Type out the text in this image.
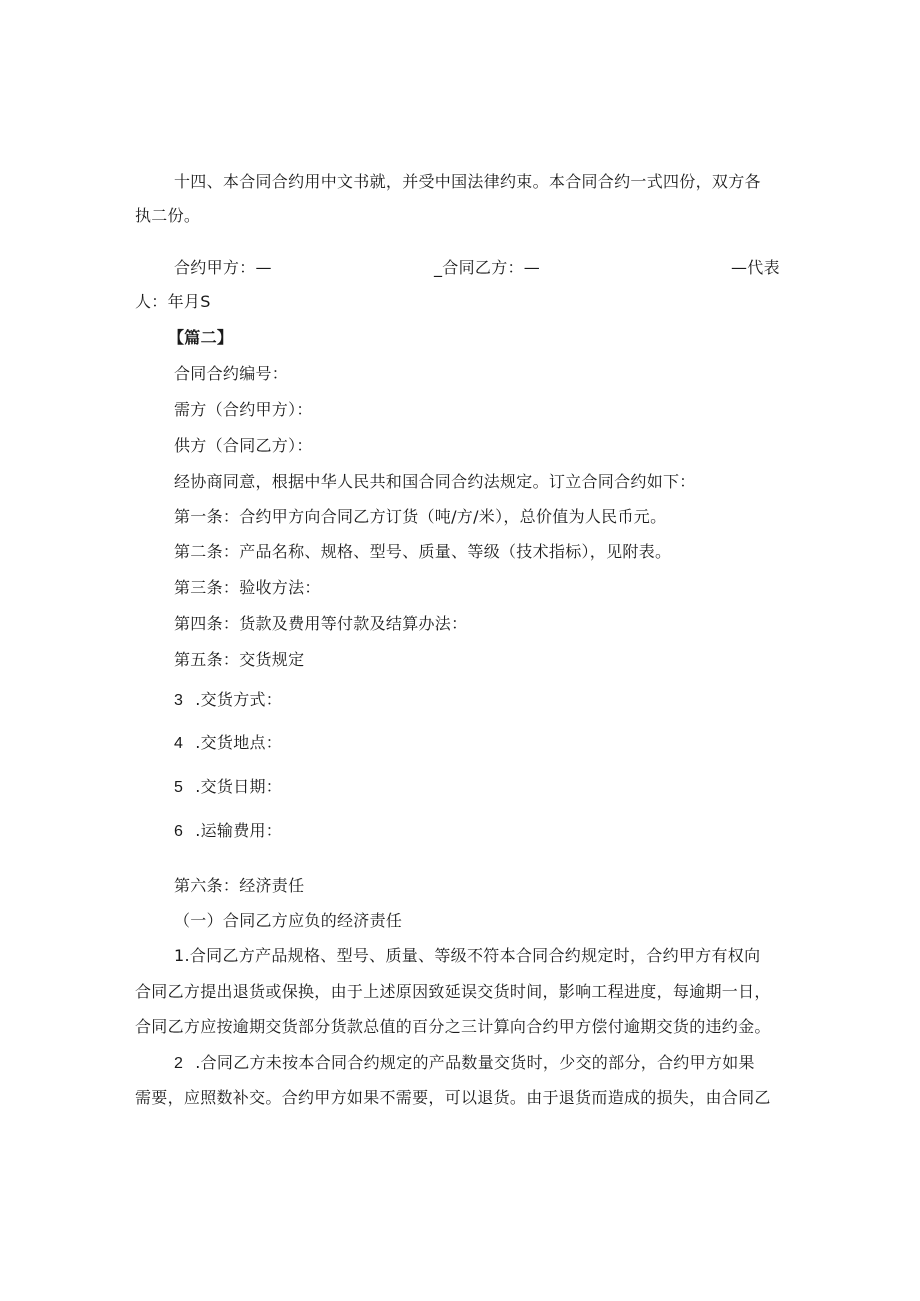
十四、本合同合约用中文书就，并受中国法律约束。本合同合约一式四份，双方各
执二份。
合约甲方：—	_合同乙方：—	—代表
人：年月S
【篇二】
合同合约编号：
需方（合约甲方）：
供方（合同乙方）：
经协商同意，根据中华人民共和国合同合约法规定。订立合同合约如下：
第一条：合约甲方向合同乙方订货（吨/方/米），总价值为人民币元。
第二条：产品名称、规格、型号、质量、等级（技术指标），见附表。
第三条：验收方法：
第四条：货款及费用等付款及结算办法：
第五条：交货规定
3 .交货方式：
4 .交货地点：
5 .交货日期：
6 .运输费用：
第六条：经济责任
（一）合同乙方应负的经济责任
1.合同乙方产品规格、型号、质量、等级不符本合同合约规定时，合约甲方有权向
合同乙方提出退货或保换，由于上述原因致延误交货时间，影响工程进度，每逾期一日，
合同乙方应按逾期交货部分货款总值的百分之三计算向合约甲方偿付逾期交货的违约金。
2 .合同乙方未按本合同合约规定的产品数量交货时，少交的部分，合约甲方如果
需要，应照数补交。合约甲方如果不需要，可以退货。由于退货而造成的损失，由合同乙
